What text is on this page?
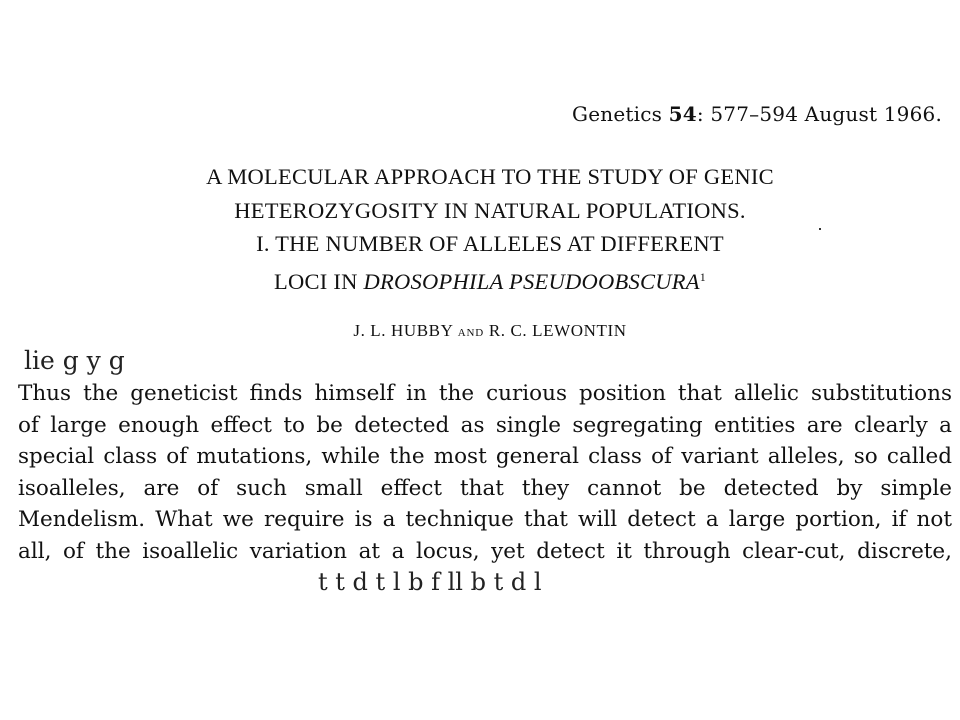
Genetics 54: 577–594 August 1966.
A MOLECULAR APPROACH TO THE STUDY OF GENIC
HETEROZYGOSITY IN NATURAL POPULATIONS.
I. THE NUMBER OF ALLELES AT DIFFERENT
LOCI IN DROSOPHILA PSEUDOOBSCURA$^1$
J. L. HUBBY AND R. C. LEWONTIN
lie g y g
Thus the geneticist finds himself in the curious position that allelic substitutions
of large enough effect to be detected as single segregating entities are clearly a
special class of mutations, while the most general class of variant alleles, so called
isoalleles, are of such small effect that they cannot be detected by simple
Mendelism. What we require is a technique that will detect a large portion, if not
all, of the isoallelic variation at a locus, yet detect it through clear-cut, discrete,
t t d t l b f ll b t d l
